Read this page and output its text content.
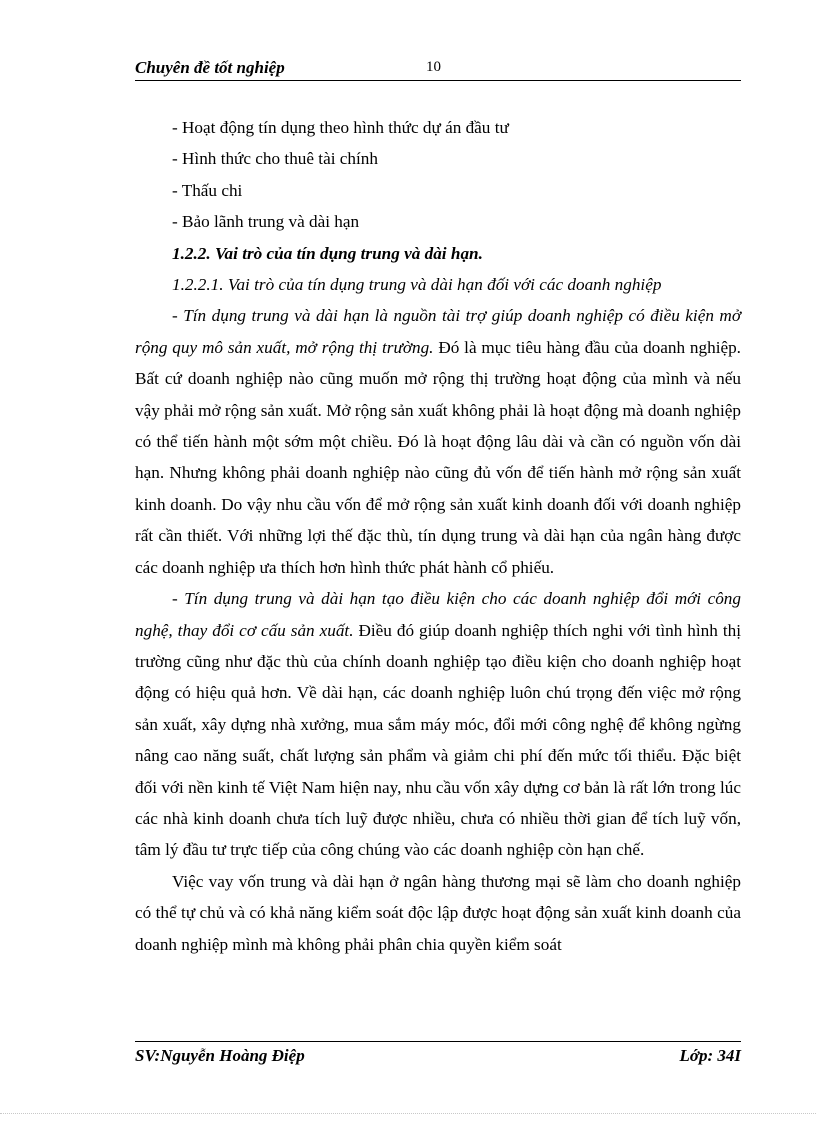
Chuyên đề tốt nghiệp	10

- Hoạt động tín dụng theo hình thức dự án đầu tư

- Hình thức cho thuê tài chính

- Thấu chi

- Bảo lãnh trung và dài hạn

1.2.2. Vai trò của tín dụng trung và dài hạn.

1.2.2.1. Vai trò của tín dụng trung và dài hạn đối với các doanh nghiệp

- Tín dụng trung và dài hạn là nguồn tài trợ giúp doanh nghiệp có điều kiện mở rộng quy mô sản xuất, mở rộng thị trường. Đó là mục tiêu hàng đầu của doanh nghiệp. Bất cứ doanh nghiệp nào cũng muốn mở rộng thị trường hoạt động của mình và nếu vậy phải mở rộng sản xuất. Mở rộng sản xuất không phải là hoạt động mà doanh nghiệp có thể tiến hành một sớm một chiều. Đó là hoạt động lâu dài và cần có nguồn vốn dài hạn. Nhưng không phải doanh nghiệp nào cũng đủ vốn để tiến hành mở rộng sản xuất kinh doanh. Do vậy nhu cầu vốn để mở rộng sản xuất kinh doanh đối với doanh nghiệp rất cần thiết. Với những lợi thế đặc thù, tín dụng trung và dài hạn của ngân hàng được các doanh nghiệp ưa thích hơn hình thức phát hành cổ phiếu.

- Tín dụng trung và dài hạn tạo điều kiện cho các doanh nghiệp đổi mới công nghệ, thay đổi cơ cấu sản xuất. Điều đó giúp doanh nghiệp thích nghi với tình hình thị trường cũng như đặc thù của chính doanh nghiệp tạo điều kiện cho doanh nghiệp hoạt động có hiệu quả hơn. Về dài hạn, các doanh nghiệp luôn chú trọng đến việc mở rộng sản xuất, xây dựng nhà xưởng, mua sắm máy móc, đổi mới công nghệ để không ngừng nâng cao năng suất, chất lượng sản phẩm và giảm chi phí đến mức tối thiểu. Đặc biệt đối với nền kinh tế Việt Nam hiện nay, nhu cầu vốn xây dựng cơ bản là rất lớn trong lúc các nhà kinh doanh chưa tích luỹ được nhiều, chưa có nhiều thời gian để tích luỹ vốn, tâm lý đầu tư trực tiếp của công chúng vào các doanh nghiệp còn hạn chế.

Việc vay vốn trung và dài hạn ở ngân hàng thương mại sẽ làm cho doanh nghiệp có thể tự chủ và có khả năng kiểm soát độc lập được hoạt động sản xuất kinh doanh của doanh nghiệp mình mà không phải phân chia quyền kiểm soát

SV:Nguyễn Hoàng Điệp	Lớp: 34I
